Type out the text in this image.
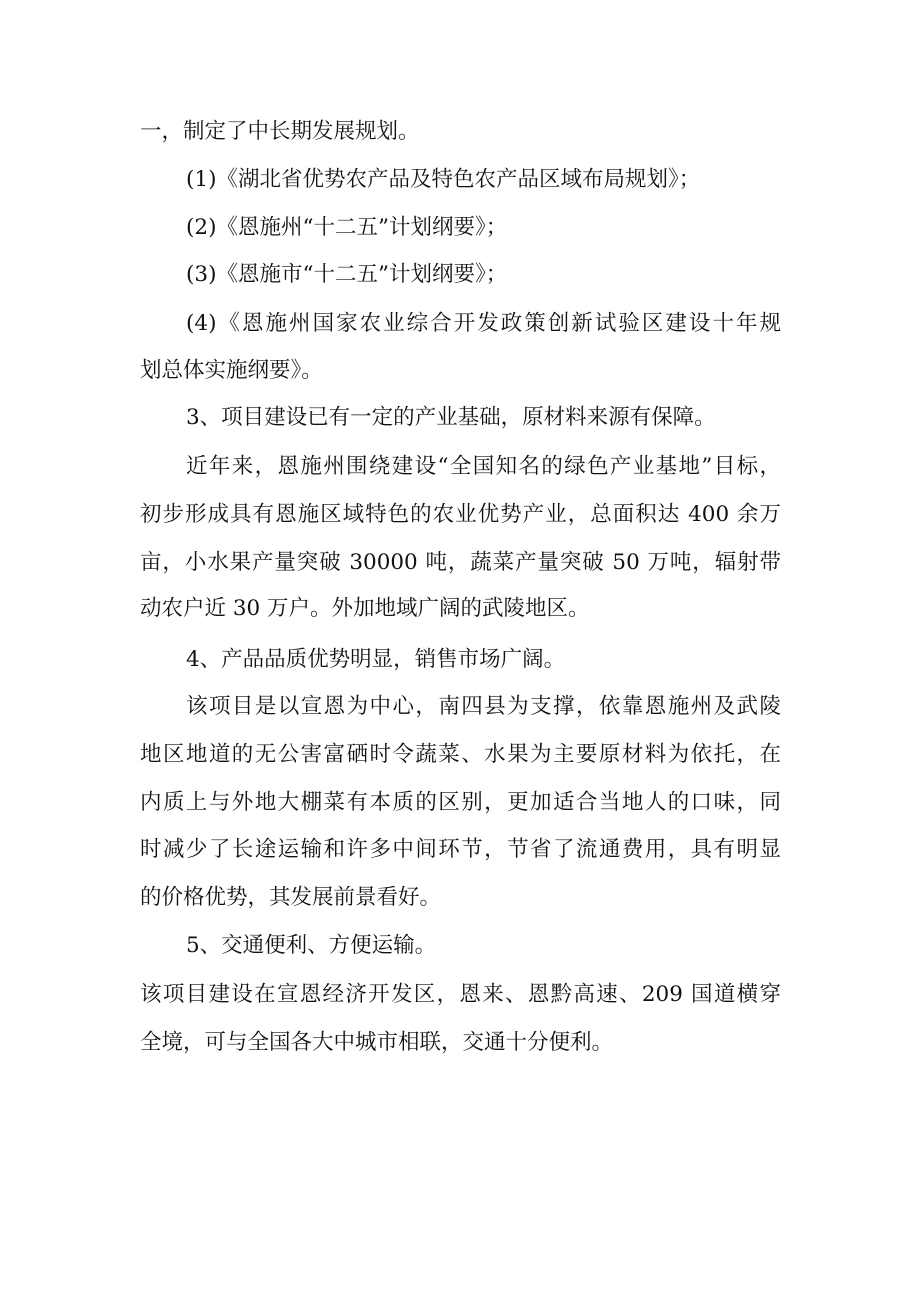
一，制定了中长期发展规划。
(1)《湖北省优势农产品及特色农产品区域布局规划》；
(2)《恩施州“十二五”计划纲要》；
(3)《恩施市“十二五”计划纲要》；
(4)《恩施州国家农业综合开发政策创新试验区建设十年规
划总体实施纲要》。
3、项目建设已有一定的产业基础，原材料来源有保障。
近年来，恩施州围绕建设“全国知名的绿色产业基地”目标，
初步形成具有恩施区域特色的农业优势产业，总面积达 400 余万
亩，小水果产量突破 30000 吨，蔬菜产量突破 50 万吨，辐射带
动农户近 30 万户。外加地域广阔的武陵地区。
4、产品品质优势明显，销售市场广阔。
该项目是以宣恩为中心，南四县为支撑，依靠恩施州及武陵
地区地道的无公害富硒时令蔬菜、水果为主要原材料为依托，在
内质上与外地大棚菜有本质的区别，更加适合当地人的口味，同
时减少了长途运输和许多中间环节，节省了流通费用，具有明显
的价格优势，其发展前景看好。
5、交通便利、方便运输。
该项目建设在宣恩经济开发区，恩来、恩黔高速、209 国道横穿
全境，可与全国各大中城市相联，交通十分便利。
